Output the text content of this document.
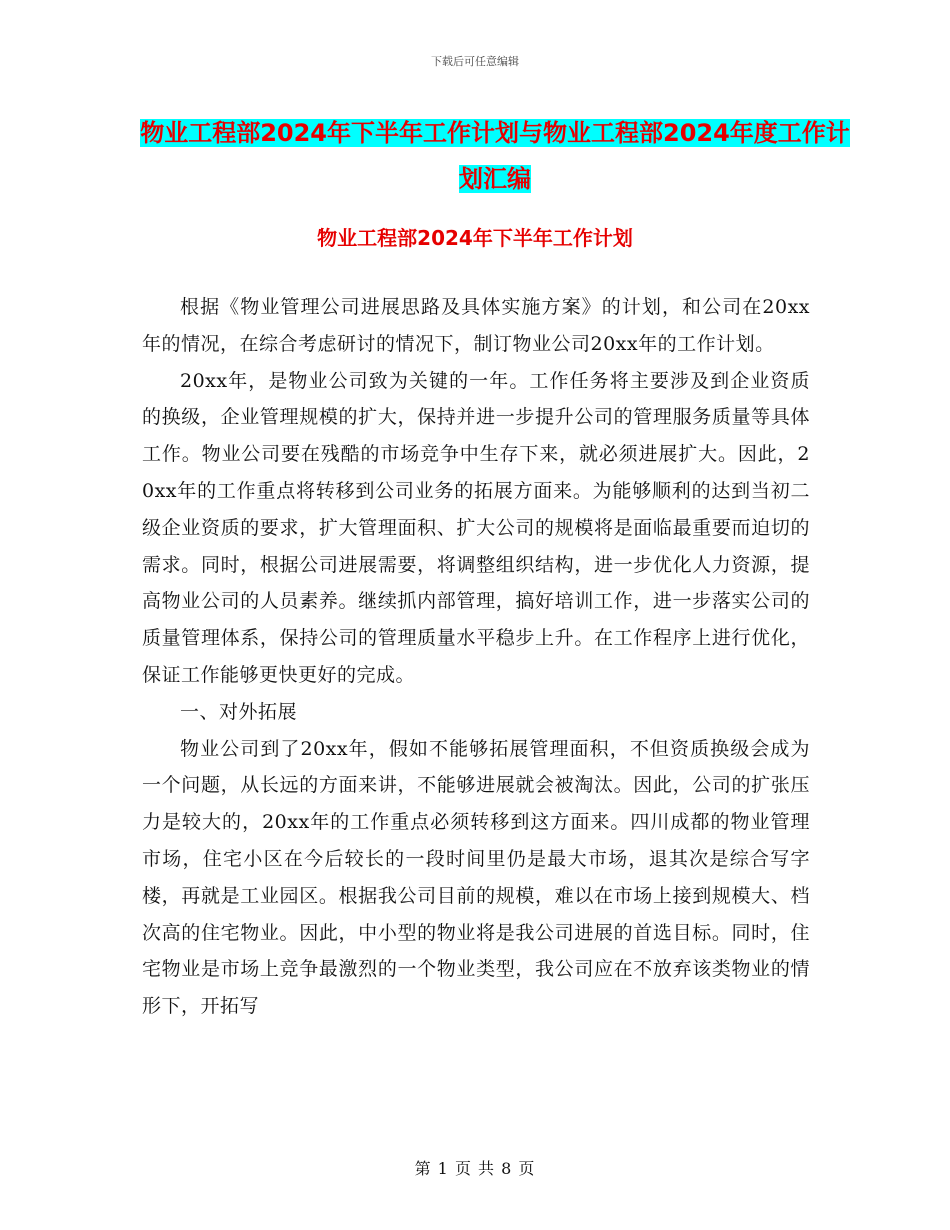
下载后可任意编辑
物业工程部2024年下半年工作计划与物业工程部2024年度工作计划汇编
物业工程部2024年下半年工作计划

根据《物业管理公司进展思路及具体实施方案》的计划，和公司在20xx年的情况，在综合考虑研讨的情况下，制订物业公司20xx年的工作计划。

20xx年，是物业公司致为关键的一年。工作任务将主要涉及到企业资质的换级，企业管理规模的扩大，保持并进一步提升公司的管理服务质量等具体工作。物业公司要在残酷的市场竞争中生存下来，就必须进展扩大。因此，20xx年的工作重点将转移到公司业务的拓展方面来。为能够顺利的达到当初二级企业资质的要求，扩大管理面积、扩大公司的规模将是面临最重要而迫切的需求。同时，根据公司进展需要，将调整组织结构，进一步优化人力资源，提高物业公司的人员素养。继续抓内部管理，搞好培训工作，进一步落实公司的质量管理体系，保持公司的管理质量水平稳步上升。在工作程序上进行优化，保证工作能够更快更好的完成。

一、对外拓展

物业公司到了20xx年，假如不能够拓展管理面积，不但资质换级会成为一个问题，从长远的方面来讲，不能够进展就会被淘汰。因此，公司的扩张压力是较大的，20xx年的工作重点必须转移到这方面来。四川成都的物业管理市场，住宅小区在今后较长的一段时间里仍是最大市场，退其次是综合写字楼，再就是工业园区。根据我公司目前的规模，难以在市场上接到规模大、档次高的住宅物业。因此，中小型的物业将是我公司进展的首选目标。同时，住宅物业是市场上竞争最激烈的一个物业类型，我公司应在不放弃该类物业的情形下，开拓写

第 1 页 共 8 页
